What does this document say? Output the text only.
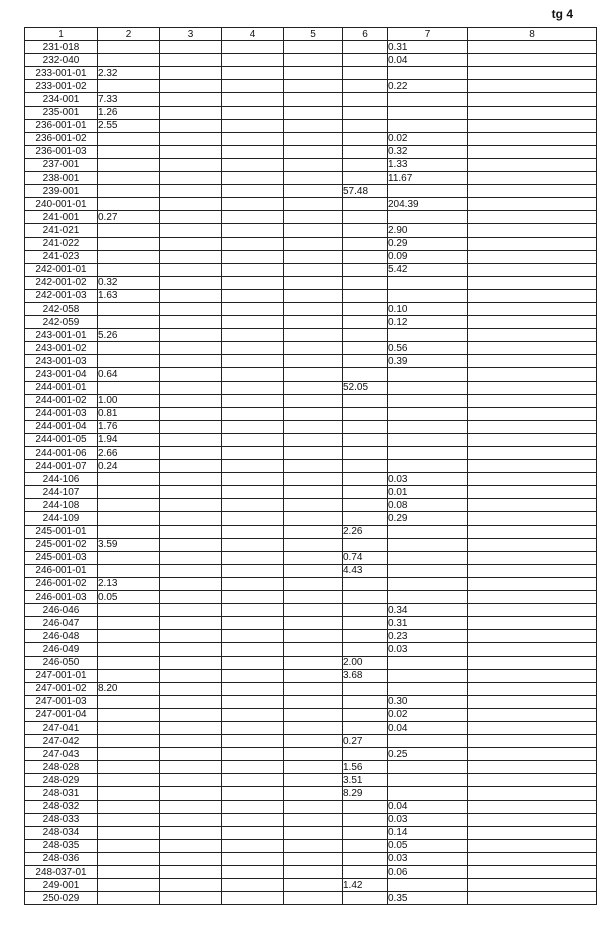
tg 4
1	2	3	4	5	6	7	8
231-018						0.31	
232-040						0.04	
233-001-01	2.32						
233-001-02						0.22	
234-001	7.33						
235-001	1.26						
236-001-01	2.55						
236-001-02						0.02	
236-001-03						0.32	
237-001						1.33	
238-001						11.67	
239-001					57.48		
240-001-01						204.39	
241-001	0.27						
241-021						2.90	
241-022						0.29	
241-023						0.09	
242-001-01						5.42	
242-001-02	0.32						
242-001-03	1.63						
242-058						0.10	
242-059						0.12	
243-001-01	5.26						
243-001-02						0.56	
243-001-03						0.39	
243-001-04	0.64						
244-001-01					52.05		
244-001-02	1.00						
244-001-03	0.81						
244-001-04	1.76						
244-001-05	1.94						
244-001-06	2.66						
244-001-07	0.24						
244-106						0.03	
244-107						0.01	
244-108						0.08	
244-109						0.29	
245-001-01					2.26		
245-001-02	3.59						
245-001-03					0.74		
246-001-01					4.43		
246-001-02	2.13						
246-001-03	0.05						
246-046						0.34	
246-047						0.31	
246-048						0.23	
246-049						0.03	
246-050					2.00		
247-001-01					3.68		
247-001-02	8.20						
247-001-03						0.30	
247-001-04						0.02	
247-041						0.04	
247-042					0.27		
247-043						0.25	
248-028					1.56		
248-029					3.51		
248-031					8.29		
248-032						0.04	
248-033						0.03	
248-034						0.14	
248-035						0.05	
248-036						0.03	
248-037-01						0.06	
249-001					1.42		
250-029						0.35	
